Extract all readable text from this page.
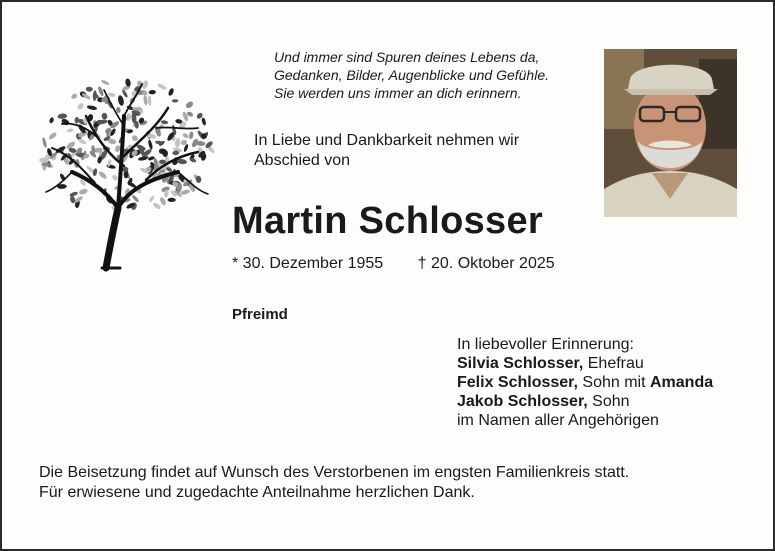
Und immer sind Spuren deines Lebens da,
Gedanken, Bilder, Augenblicke und Gefühle.
Sie werden uns immer an dich erinnern.
In Liebe und Dankbarkeit nehmen wir
Abschied von
Martin Schlosser
* 30. Dezember 1955 † 20. Oktober 2025
Pfreimd
In liebevoller Erinnerung:
Silvia Schlosser, Ehefrau
Felix Schlosser, Sohn mit Amanda
Jakob Schlosser, Sohn
im Namen aller Angehörigen
Die Beisetzung findet auf Wunsch des Verstorbenen im engsten Familienkreis statt.
Für erwiesene und zugedachte Anteilnahme herzlichen Dank.
